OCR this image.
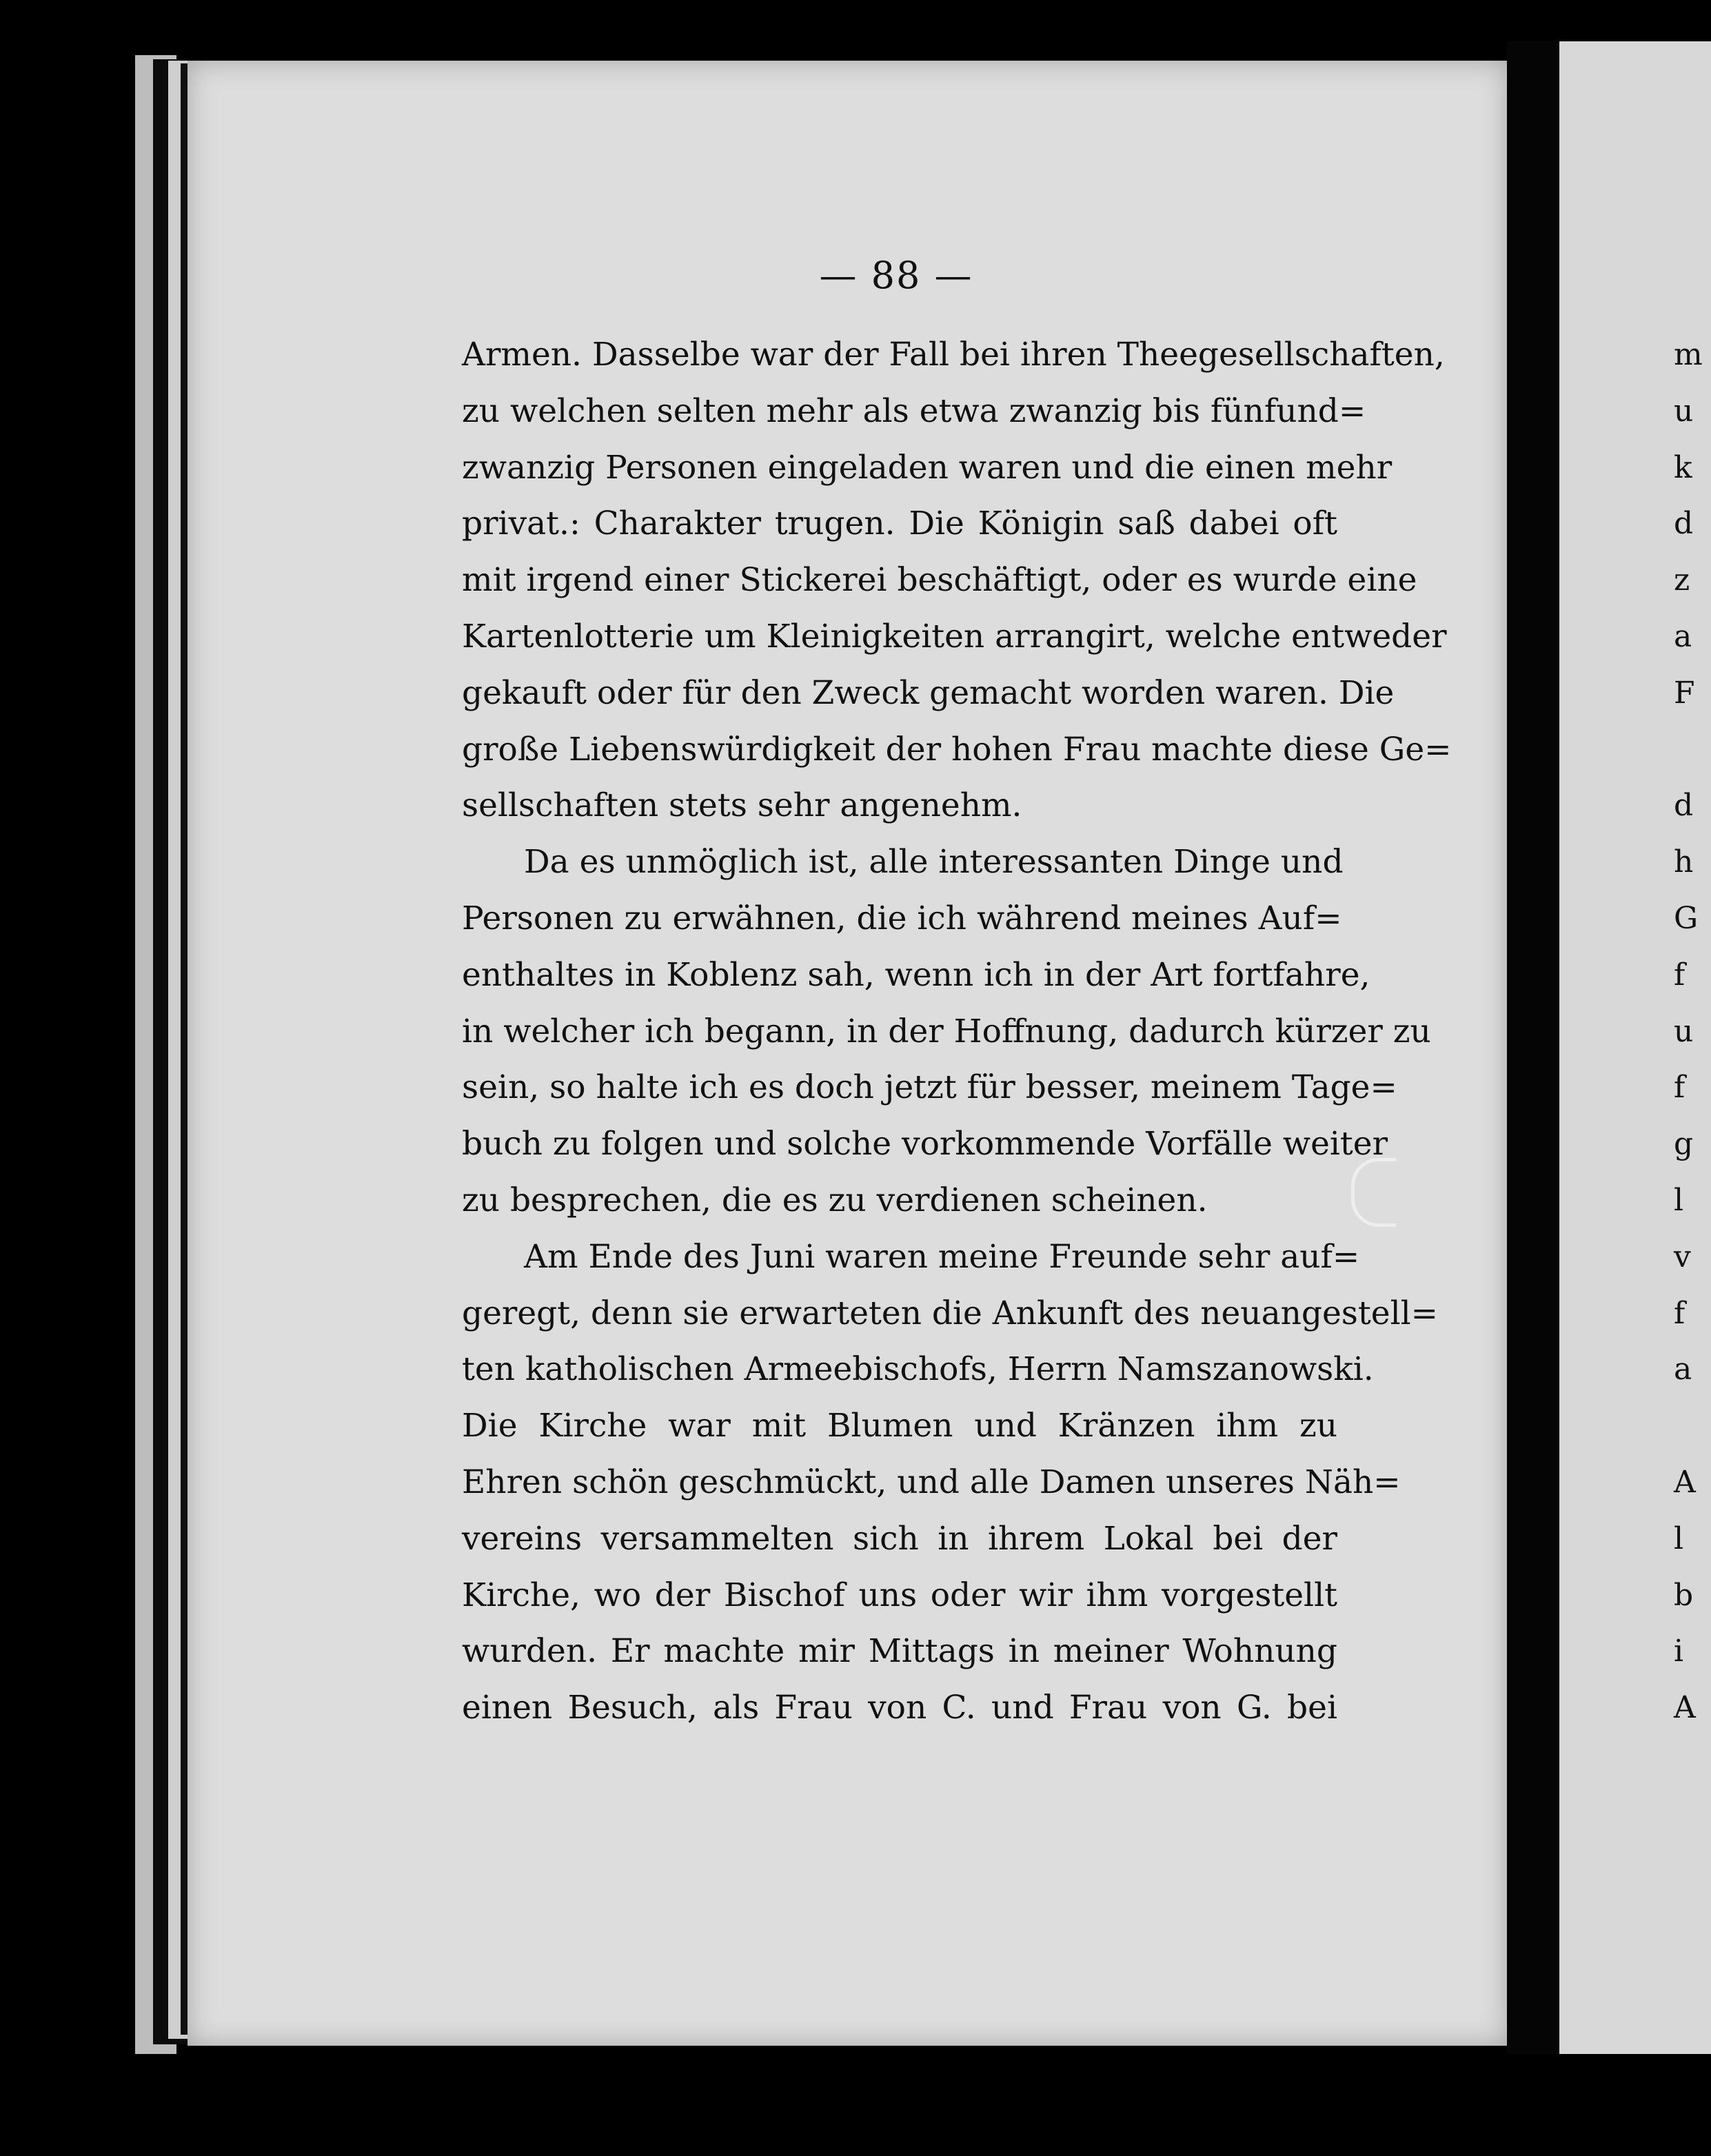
— 88 —
Armen. Dasselbe war der Fall bei ihren Theegesellschaften,
zu welchen selten mehr als etwa zwanzig bis fünfund=
zwanzig Personen eingeladen waren und die einen mehr
privat.: Charakter trugen. Die Königin saß dabei oft
mit irgend einer Stickerei beschäftigt, oder es wurde eine
Kartenlotterie um Kleinigkeiten arrangirt, welche entweder
gekauft oder für den Zweck gemacht worden waren. Die
große Liebenswürdigkeit der hohen Frau machte diese Ge=
sellschaften stets sehr angenehm.
Da es unmöglich ist, alle interessanten Dinge und
Personen zu erwähnen, die ich während meines Auf=
enthaltes in Koblenz sah, wenn ich in der Art fortfahre,
in welcher ich begann, in der Hoffnung, dadurch kürzer zu
sein, so halte ich es doch jetzt für besser, meinem Tage=
buch zu folgen und solche vorkommende Vorfälle weiter
zu besprechen, die es zu verdienen scheinen.
Am Ende des Juni waren meine Freunde sehr auf=
geregt, denn sie erwarteten die Ankunft des neuangestell=
ten katholischen Armeebischofs, Herrn Namszanowski.
Die Kirche war mit Blumen und Kränzen ihm zu
Ehren schön geschmückt, und alle Damen unseres Näh=
vereins versammelten sich in ihrem Lokal bei der
Kirche, wo der Bischof uns oder wir ihm vorgestellt
wurden. Er machte mir Mittags in meiner Wohnung
einen Besuch, als Frau von C. und Frau von G. bei
m
u
k
d
z
a
F
d
h
G
f
u
f
g
l
v
f
a
A
l
b
i
A
